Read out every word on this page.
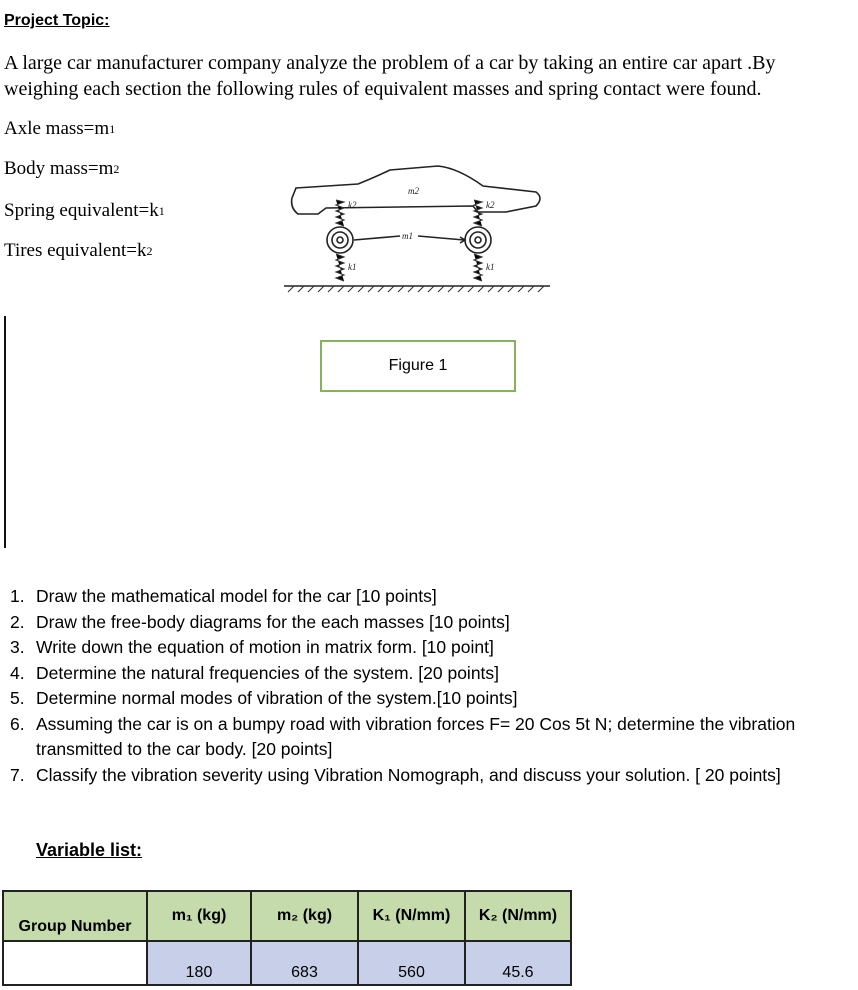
Project Topic:
A large car manufacturer company analyze the problem of a car by taking an entire car apart .By weighing each section the following rules of equivalent masses and spring contact were found.
Axle $mass=m_1$
Body $mass=m_2$
Spring $equivalent=k_1$
Tires $equivalent=k_2$
m2
m1
k2	k2
k1	k1
Figure 1
1. Draw the mathematical model for the car [10 points]
2. Draw the free-body diagrams for the each masses [10 points]
3. Write down the equation of motion in matrix form. [10 point]
4. Determine the natural frequencies of the system. [20 points]
5. Determine normal modes of vibration of the system.[10 points]
6. Assuming the car is on a bumpy road with vibration forces F= 20 Cos 5t N; determine the vibration transmitted to the car body. [20 points]
7. Classify the vibration severity using Vibration Nomograph, and discuss your solution. [ 20 points]
Variable list:
Group Number	m₁ (kg)	m₂ (kg)	K₁ (N/mm)	K₂ (N/mm)
	180	683	560	45.6
